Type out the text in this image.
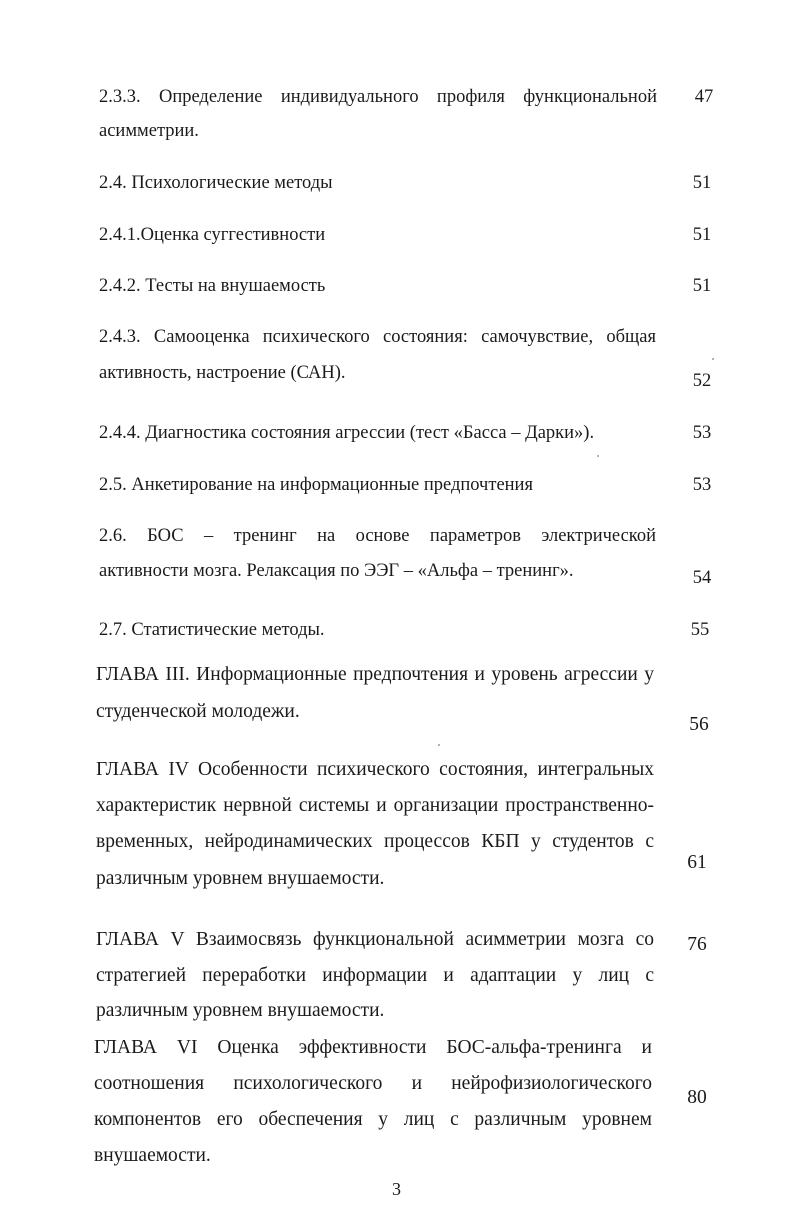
2.3.3. Определение индивидуального профиля функциональной
асимметрии.
47
2.4. Психологические методы	51
2.4.1.Оценка суггестивности	51
2.4.2. Тесты на внушаемость	51
2.4.3. Самооценка психического состояния: самочувствие, общая
активность, настроение (САН).	52
2.4.4. Диагностика состояния агрессии (тест «Басса – Дарки»).	53
2.5. Анкетирование на информационные предпочтения	53
2.6. БОС – тренинг на основе параметров электрической
активности мозга. Релаксация по ЭЭГ – «Альфа – тренинг».	54
2.7. Статистические методы.	55
ГЛАВА III. Информационные предпочтения и уровень агрессии у
студенческой молодежи.
56
ГЛАВА IV Особенности психического состояния, интегральных
характеристик нервной системы и организации пространственно-
временных, нейродинамических процессов КБП у студентов с
различным уровнем внушаемости.
61
ГЛАВА V Взаимосвязь функциональной асимметрии мозга со
стратегией переработки информации и адаптации у лиц с
различным уровнем внушаемости.
76
ГЛАВА VI Оценка эффективности БОС-альфа-тренинга и
соотношения психологического и нейрофизиологического
компонентов его обеспечения у лиц с различным уровнем
внушаемости.
80
3
